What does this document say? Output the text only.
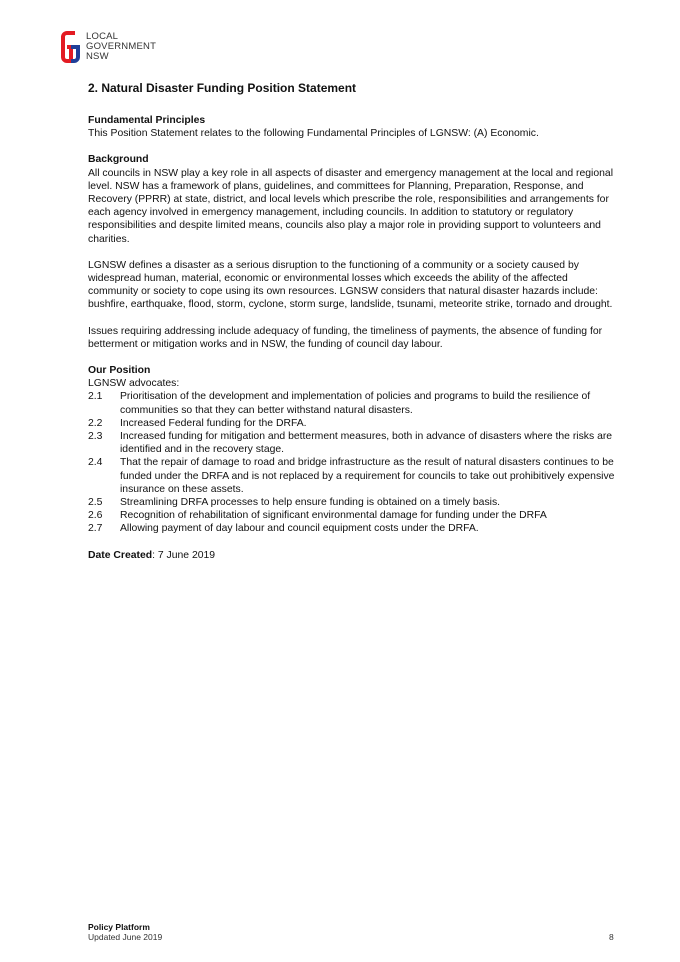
LOCAL
GOVERNMENT
NSW
2. Natural Disaster Funding Position Statement
Fundamental Principles

This Position Statement relates to the following Fundamental Principles of LGNSW: (A) Economic.

Background

All councils in NSW play a key role in all aspects of disaster and emergency management at the local and regional level. NSW has a framework of plans, guidelines, and committees for Planning, Preparation, Response, and Recovery (PPRR) at state, district, and local levels which prescribe the role, responsibilities and arrangements for each agency involved in emergency management, including councils. In addition to statutory or regulatory responsibilities and despite limited means, councils also play a major role in providing support to volunteers and charities.

LGNSW defines a disaster as a serious disruption to the functioning of a community or a society caused by widespread human, material, economic or environmental losses which exceeds the ability of the affected community or society to cope using its own resources. LGNSW considers that natural disaster hazards include: bushfire, earthquake, flood, storm, cyclone, storm surge, landslide, tsunami, meteorite strike, tornado and drought.

Issues requiring addressing include adequacy of funding, the timeliness of payments, the absence of funding for betterment or mitigation works and in NSW, the funding of council day labour.

Our Position
LGNSW advocates:
2.1	Prioritisation of the development and implementation of policies and programs to build the resilience of communities so that they can better withstand natural disasters.
2.2	Increased Federal funding for the DRFA.
2.3	Increased funding for mitigation and betterment measures, both in advance of disasters where the risks are identified and in the recovery stage.
2.4	That the repair of damage to road and bridge infrastructure as the result of natural disasters continues to be funded under the DRFA and is not replaced by a requirement for councils to take out prohibitively expensive insurance on these assets.
2.5	Streamlining DRFA processes to help ensure funding is obtained on a timely basis.
2.6	Recognition of rehabilitation of significant environmental damage for funding under the DRFA
2.7	Allowing payment of day labour and council equipment costs under the DRFA.
Date Created: 7 June 2019
Policy Platform
Updated June 2019	8
